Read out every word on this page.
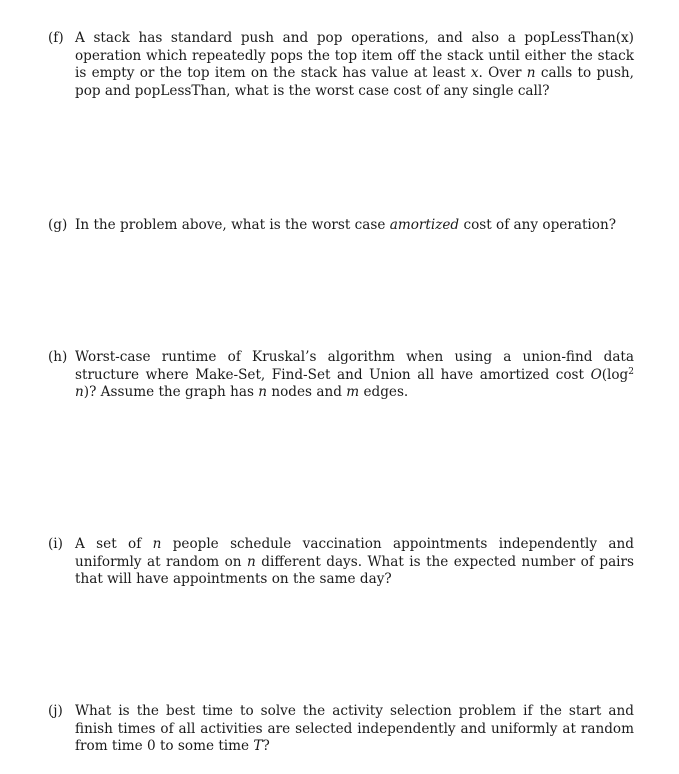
(f) A stack has standard push and pop operations, and also a popLessThan(x) operation which repeatedly pops the top item off the stack until either the stack is empty or the top item on the stack has value at least x. Over n calls to push, pop and popLessThan, what is the worst case cost of any single call?
(g) In the problem above, what is the worst case amortized cost of any operation?
(h) Worst-case runtime of Kruskal’s algorithm when using a union-find data structure where Make-Set, Find-Set and Union all have amortized cost $O(\log^2$ n)? Assume the graph has n nodes and m edges.
(i) A set of n people schedule vaccination appointments independently and uniformly at random on n different days. What is the expected number of pairs that will have appointments on the same day?
(j) What is the best time to solve the activity selection problem if the start and finish times of all activities are selected independently and uniformly at random from time 0 to some time T?
